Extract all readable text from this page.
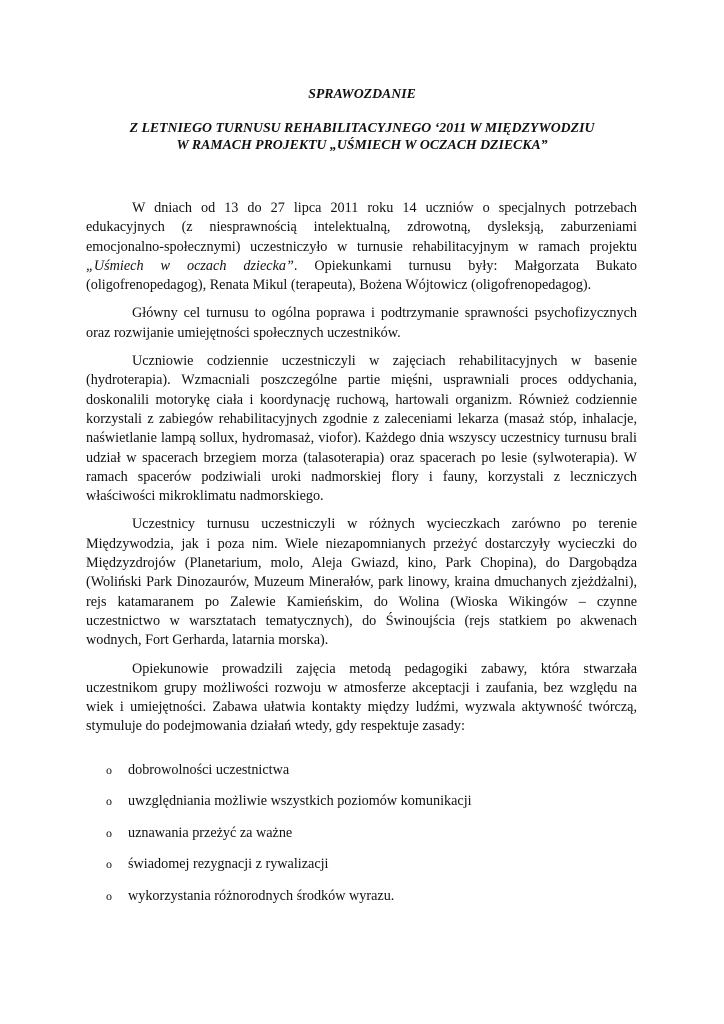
SPRAWOZDANIE
Z LETNIEGO TURNUSU REHABILITACYJNEGO ‘2011 W MIĘDZYWODZIU
W RAMACH PROJEKTU „UŚMIECH W OCZACH DZIECKA”

W dniach od 13 do 27 lipca 2011 roku 14 uczniów o specjalnych potrzebach edukacyjnych (z niesprawnością intelektualną, zdrowotną, dysleksją, zaburzeniami emocjonalno-społecznymi) uczestniczyło w turnusie rehabilitacyjnym w ramach projektu „Uśmiech w oczach dziecka”. Opiekunkami turnusu były: Małgorzata Bukato (oligofrenopedagog), Renata Mikul (terapeuta), Bożena Wójtowicz (oligofrenopedagog).

Główny cel turnusu to ogólna poprawa i podtrzymanie sprawności psychofizycznych oraz rozwijanie umiejętności społecznych uczestników.

Uczniowie codziennie uczestniczyli w zajęciach rehabilitacyjnych w basenie (hydroterapia). Wzmacniali poszczególne partie mięśni, usprawniali proces oddychania, doskonalili motorykę ciała i koordynację ruchową, hartowali organizm. Również codziennie korzystali z zabiegów rehabilitacyjnych zgodnie z zaleceniami lekarza (masaż stóp, inhalacje, naświetlanie lampą sollux, hydromasaż, viofor). Każdego dnia wszyscy uczestnicy turnusu brali udział w spacerach brzegiem morza (talasoterapia) oraz spacerach po lesie (sylwoterapia). W ramach spacerów podziwiali uroki nadmorskiej flory i fauny, korzystali z leczniczych właściwości mikroklimatu nadmorskiego.

Uczestnicy turnusu uczestniczyli w różnych wycieczkach zarówno po terenie Międzywodzia, jak i poza nim. Wiele niezapomnianych przeżyć dostarczyły wycieczki do Międzyzdrojów (Planetarium, molo, Aleja Gwiazd, kino, Park Chopina), do Dargobądza (Woliński Park Dinozaurów, Muzeum Minerałów, park linowy, kraina dmuchanych zjeżdżalni), rejs katamaranem po Zalewie Kamieńskim, do Wolina (Wioska Wikingów – czynne uczestnictwo w warsztatach tematycznych), do Świnoujścia (rejs statkiem po akwenach wodnych, Fort Gerharda, latarnia morska).

Opiekunowie prowadzili zajęcia metodą pedagogiki zabawy, która stwarzała uczestnikom grupy możliwości rozwoju w atmosferze akceptacji i zaufania, bez względu na wiek i umiejętności. Zabawa ułatwia kontakty między ludźmi, wyzwala aktywność twórczą, stymuluje do podejmowania działań wtedy, gdy respektuje zasady:

o	dobrowolności uczestnictwa
o	uwzględniania możliwie wszystkich poziomów komunikacji
o	uznawania przeżyć za ważne
o	świadomej rezygnacji z rywalizacji
o	wykorzystania różnorodnych środków wyrazu.
